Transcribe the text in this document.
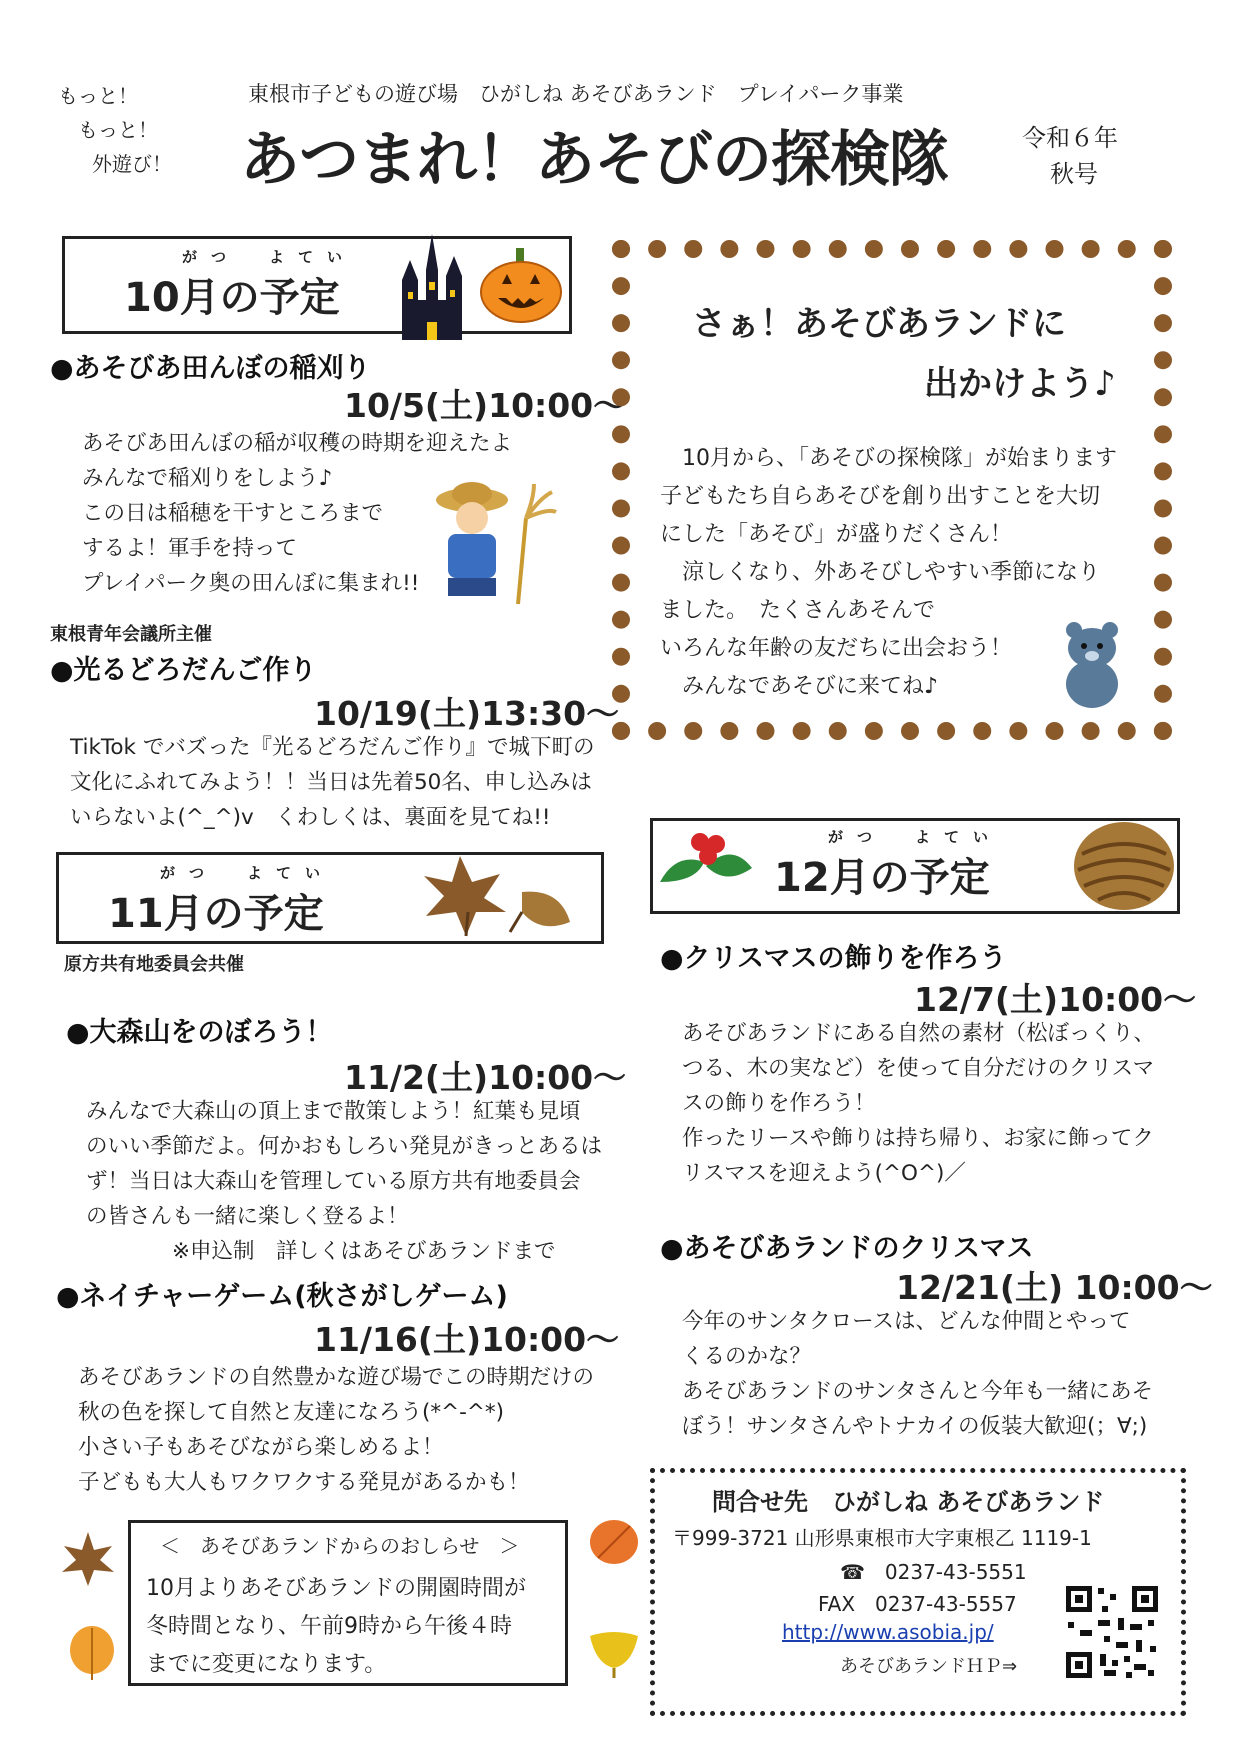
もっと！
もっと！
外遊び！
東根市子どもの遊び場　ひがしね あそびあランド　プレイパーク事業
あつまれ！あそびの探検隊	令和６年
秋号
がつ　よてい
10月の予定
●あそびあ田んぼの稲刈り
10/5(土)10:00～
あそびあ田んぼの稲が収穫の時期を迎えたよ
みんなで稲刈りをしよう♪
この日は稲穂を干すところまで
するよ！軍手を持って
プレイパーク奥の田んぼに集まれ!!
東根青年会議所主催
●光るどろだんご作り
10/19(土)13:30～
TikTok でバズった『光るどろだんご作り』で城下町の
文化にふれてみよう！！当日は先着50名、申し込みは
いらないよ(^_^)v　くわしくは、裏面を見てね!!
さぁ！あそびあランドに
出かけよう♪
　10月から、「あそびの探検隊」が始まります
子どもたち自らあそびを創り出すことを大切
にした「あそび」が盛りだくさん！
　涼しくなり、外あそびしやすい季節になり
ました。　たくさんあそんで
いろんな年齢の友だちに出会おう！
　みんなであそびに来てね♪
がつ　よてい
11月の予定
原方共有地委員会共催
●大森山をのぼろう！
11/2(土)10:00～
みんなで大森山の頂上まで散策しよう！紅葉も見頃
のいい季節だよ。何かおもしろい発見がきっとあるは
ず！当日は大森山を管理している原方共有地委員会
の皆さんも一緒に楽しく登るよ！
※申込制　詳しくはあそびあランドまで
●ネイチャーゲーム(秋さがしゲーム)
11/16(土)10:00～
あそびあランドの自然豊かな遊び場でこの時期だけの
秋の色を探して自然と友達になろう(*^-^*)
小さい子もあそびながら楽しめるよ！
子どもも大人もワクワクする発見があるかも！
＜　あそびあランドからのおしらせ　＞
10月よりあそびあランドの開園時間が
冬時間となり、午前9時から午後４時
までに変更になります。
がつ　よてい
12月の予定
●クリスマスの飾りを作ろう
12/7(土)10:00～
あそびあランドにある自然の素材（松ぼっくり、
つる、木の実など）を使って自分だけのクリスマ
スの飾りを作ろう！
作ったリースや飾りは持ち帰り、お家に飾ってク
リスマスを迎えよう(^O^)／
●あそびあランドのクリスマス
12/21(土) 10:00～
今年のサンタクロースは、どんな仲間とやって
くるのかな？
あそびあランドのサンタさんと今年も一緒にあそ
ぼう！サンタさんやトナカイの仮装大歓迎(；∀;)
問合せ先　ひがしね あそびあランド
〒999-3721 山形県東根市大字東根乙 1119-1
☎　0237-43-5551
FAX　0237-43-5557
http://www.asobia.jp/
あそびあランドＨＰ⇒
